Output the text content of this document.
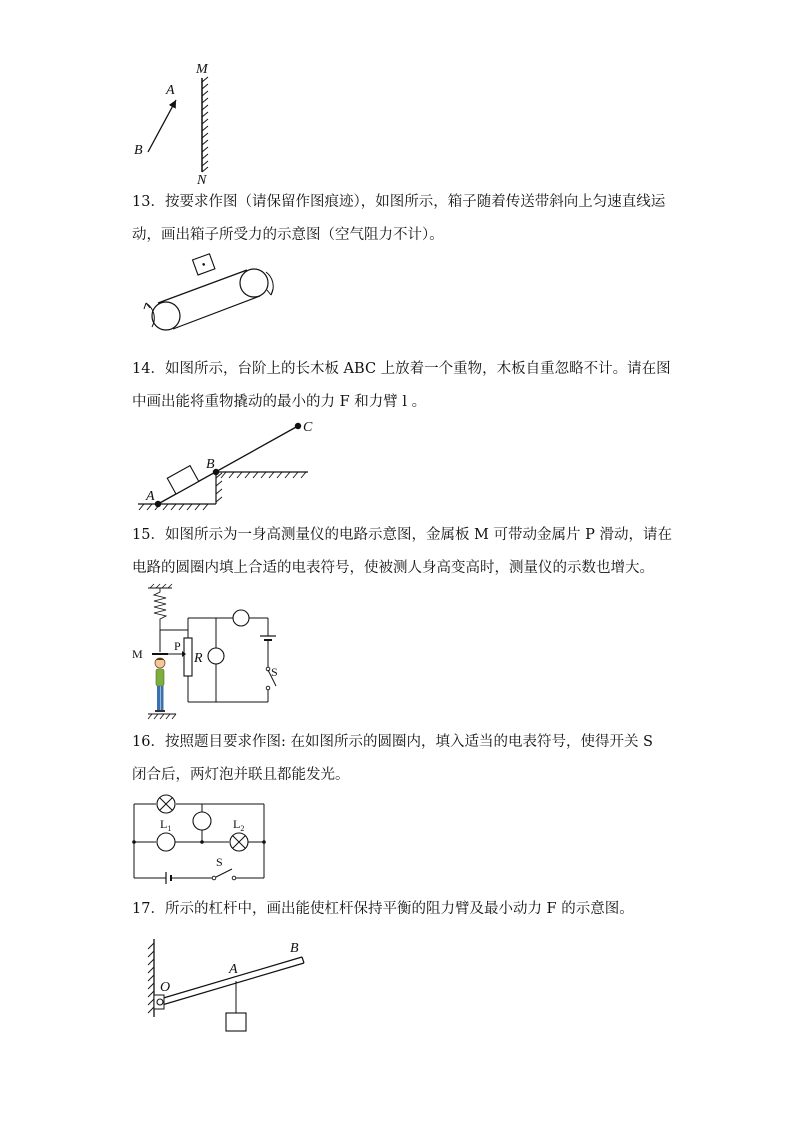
M
N
A
B
13．按要求作图（请保留作图痕迹），如图所示，箱子随着传送带斜向上匀速直线运动，画出箱子所受力的示意图（空气阻力不计）。
14．如图所示，台阶上的长木板 ABC 上放着一个重物，木板自重忽略不计。请在图中画出能将重物撬动的最小的力 F 和力臂 l 。
A
B
C
15．如图所示为一身高测量仪的电路示意图，金属板 M 可带动金属片 P 滑动，请在电路的圆圈内填上合适的电表符号，使被测人身高变高时，测量仪的示数也增大。
M
P
R
S
16．按照题目要求作图: 在如图所示的圆圈内，填入适当的电表符号，使得开关 S 闭合后，两灯泡并联且都能发光。
$L_1$	$L_2$
S
17．所示的杠杆中，画出能使杠杆保持平衡的阻力臂及最小动力 F 的示意图。
O
A
B
